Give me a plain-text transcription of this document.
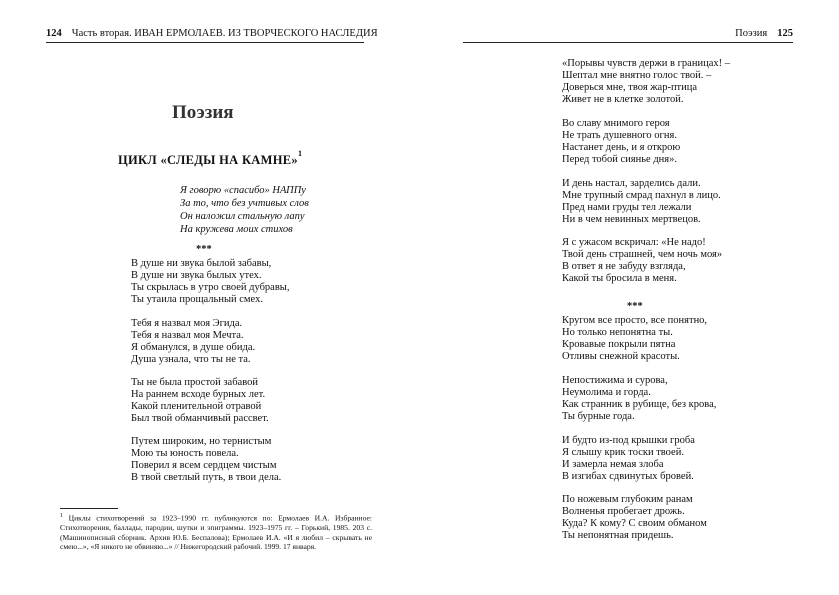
124 Часть вторая. ИВАН ЕРМОЛАЕВ. ИЗ ТВОРЧЕСКОГО НАСЛЕДИЯ
Поэзия
ЦИКЛ «СЛЕДЫ НА КАМНЕ»$^1$
Я говорю «спасибо» НАППу
За то, что без учтивых слов
Он наложил стальную лапу
На кружева моих стихов
***
В душе ни звука былой забавы,
В душе ни звука былых утех.
Ты скрылась в утро своей дубравы,
Ты утаила прощальный смех.
Тебя я назвал моя Эгида.
Тебя я назвал моя Мечта.
Я обманулся, в душе обида.
Душа узнала, что ты не та.
Ты не была простой забавой
На раннем всходе бурных лет.
Какой пленительной отравой
Был твой обманчивый рассвет.
Путем широким, но тернистым
Мою ты юность повела.
Поверил я всем сердцем чистым
В твой светлый путь, в твои дела.
$^1$ Циклы стихотворений за 1923–1990 гг. публикуются по: Ермолаев И.А. Избранное: Стихотворения, баллады, пародии, шутки и эпиграммы. 1923–1975 гг. – Горький, 1985. 203 с. (Машинописный сборник. Архив Ю.Б. Беспалова); Ермолаев И.А. «И я любил – скрывать не смею...», «Я никого не обвиняю...» // Нижегородский рабочий. 1999. 17 января.
Поэзия 125
«Порывы чувств держи в границах! –
Шептал мне внятно голос твой. –
Доверься мне, твоя жар-птица
Живет не в клетке золотой.
Во славу мнимого героя
Не трать душевного огня.
Настанет день, и я открою
Перед тобой сиянье дня».
И день настал, зарделись дали.
Мне трупный смрад пахнул в лицо.
Пред нами груды тел лежали
Ни в чем невинных мертвецов.
Я с ужасом вскричал: «Не надо!
Твой день страшней, чем ночь моя»
В ответ я не забуду взгляда,
Какой ты бросила в меня.
***
Кругом все просто, все понятно,
Но только непонятна ты.
Кровавые покрыли пятна
Отливы снежной красоты.
Непостижима и сурова,
Неумолима и горда.
Как странник в рубище, без крова,
Ты бурные года.
И будто из-под крышки гроба
Я слышу крик тоски твоей.
И замерла немая злоба
В изгибах сдвинутых бровей.
По ножевым глубоким ранам
Волненья пробегает дрожь.
Куда? К кому? С своим обманом
Ты непонятная придешь.
